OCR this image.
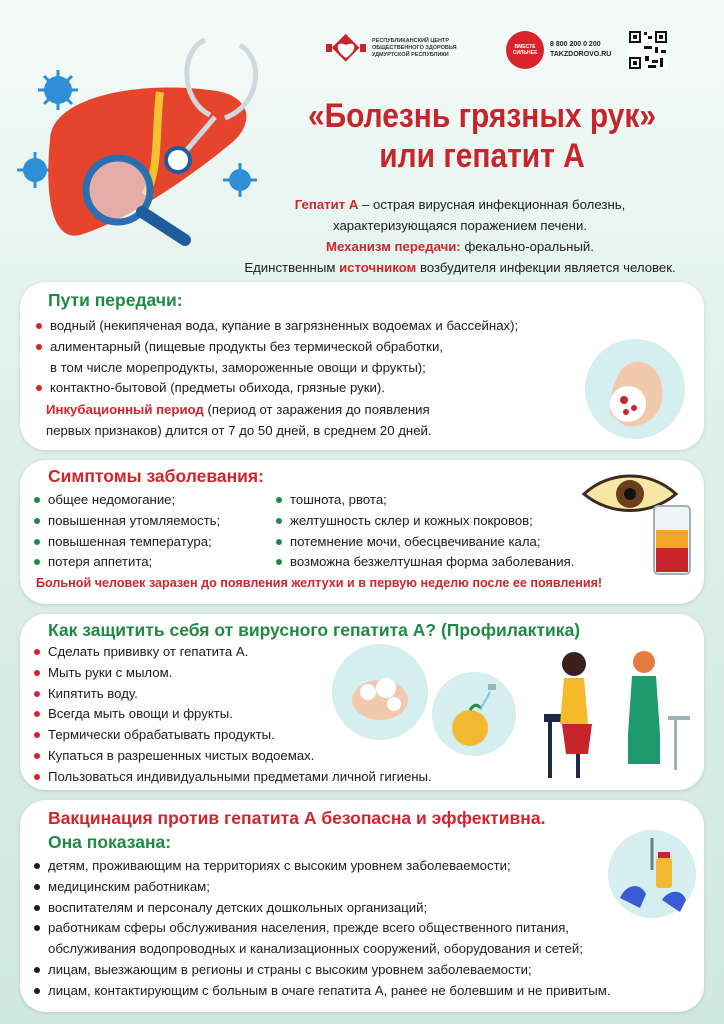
РЕСПУБЛИКАНСКИЙ ЦЕНТР ОБЩЕСТВЕННОГО ЗДОРОВЬЯ УДМУРТСКОЙ РЕСПУБЛИКИ
ВМЕСТЕ СИЛЬНЕЕ
8 800 200 0 200
TAKZDOROVO.RU
«Болезнь грязных рук»
или гепатит А
Гепатит А – острая вирусная инфекционная болезнь,
характеризующаяся поражением печени.
Механизм передачи: фекально-оральный.
Единственным источником возбудителя инфекции является человек.
Пути передачи:
водный (некипяченая вода, купание в загрязненных водоемах и бассейнах);
алиментарный (пищевые продукты без термической обработки,
в том числе морепродукты, замороженные овощи и фрукты);
контактно-бытовой (предметы обихода, грязные руки).
Инкубационный период (период от заражения до появления
первых признаков) длится от 7 до 50 дней, в среднем 20 дней.
Симптомы заболевания:
общее недомогание;
повышенная утомляемость;
повышенная температура;
потеря аппетита;
тошнота, рвота;
желтушность склер и кожных покровов;
потемнение мочи, обесцвечивание кала;
возможна безжелтушная форма заболевания.
Больной человек заразен до появления желтухи и в первую неделю после ее появления!
Как защитить себя от вирусного гепатита А? (Профилактика)
Сделать прививку от гепатита А.
Мыть руки с мылом.
Кипятить воду.
Всегда мыть овощи и фрукты.
Термически обрабатывать продукты.
Купаться в разрешенных чистых водоемах.
Пользоваться индивидуальными предметами личной гигиены.
Вакцинация против гепатита А безопасна и эффективна.
Она показана:
детям, проживающим на территориях с высоким уровнем заболеваемости;
медицинским работникам;
воспитателям и персоналу детских дошкольных организаций;
работникам сферы обслуживания населения, прежде всего общественного питания,
обслуживания водопроводных и канализационных сооружений, оборудования и сетей;
лицам, выезжающим в регионы и страны с высоким уровнем заболеваемости;
лицам, контактирующим с больным в очаге гепатита А, ранее не болевшим и не привитым.
